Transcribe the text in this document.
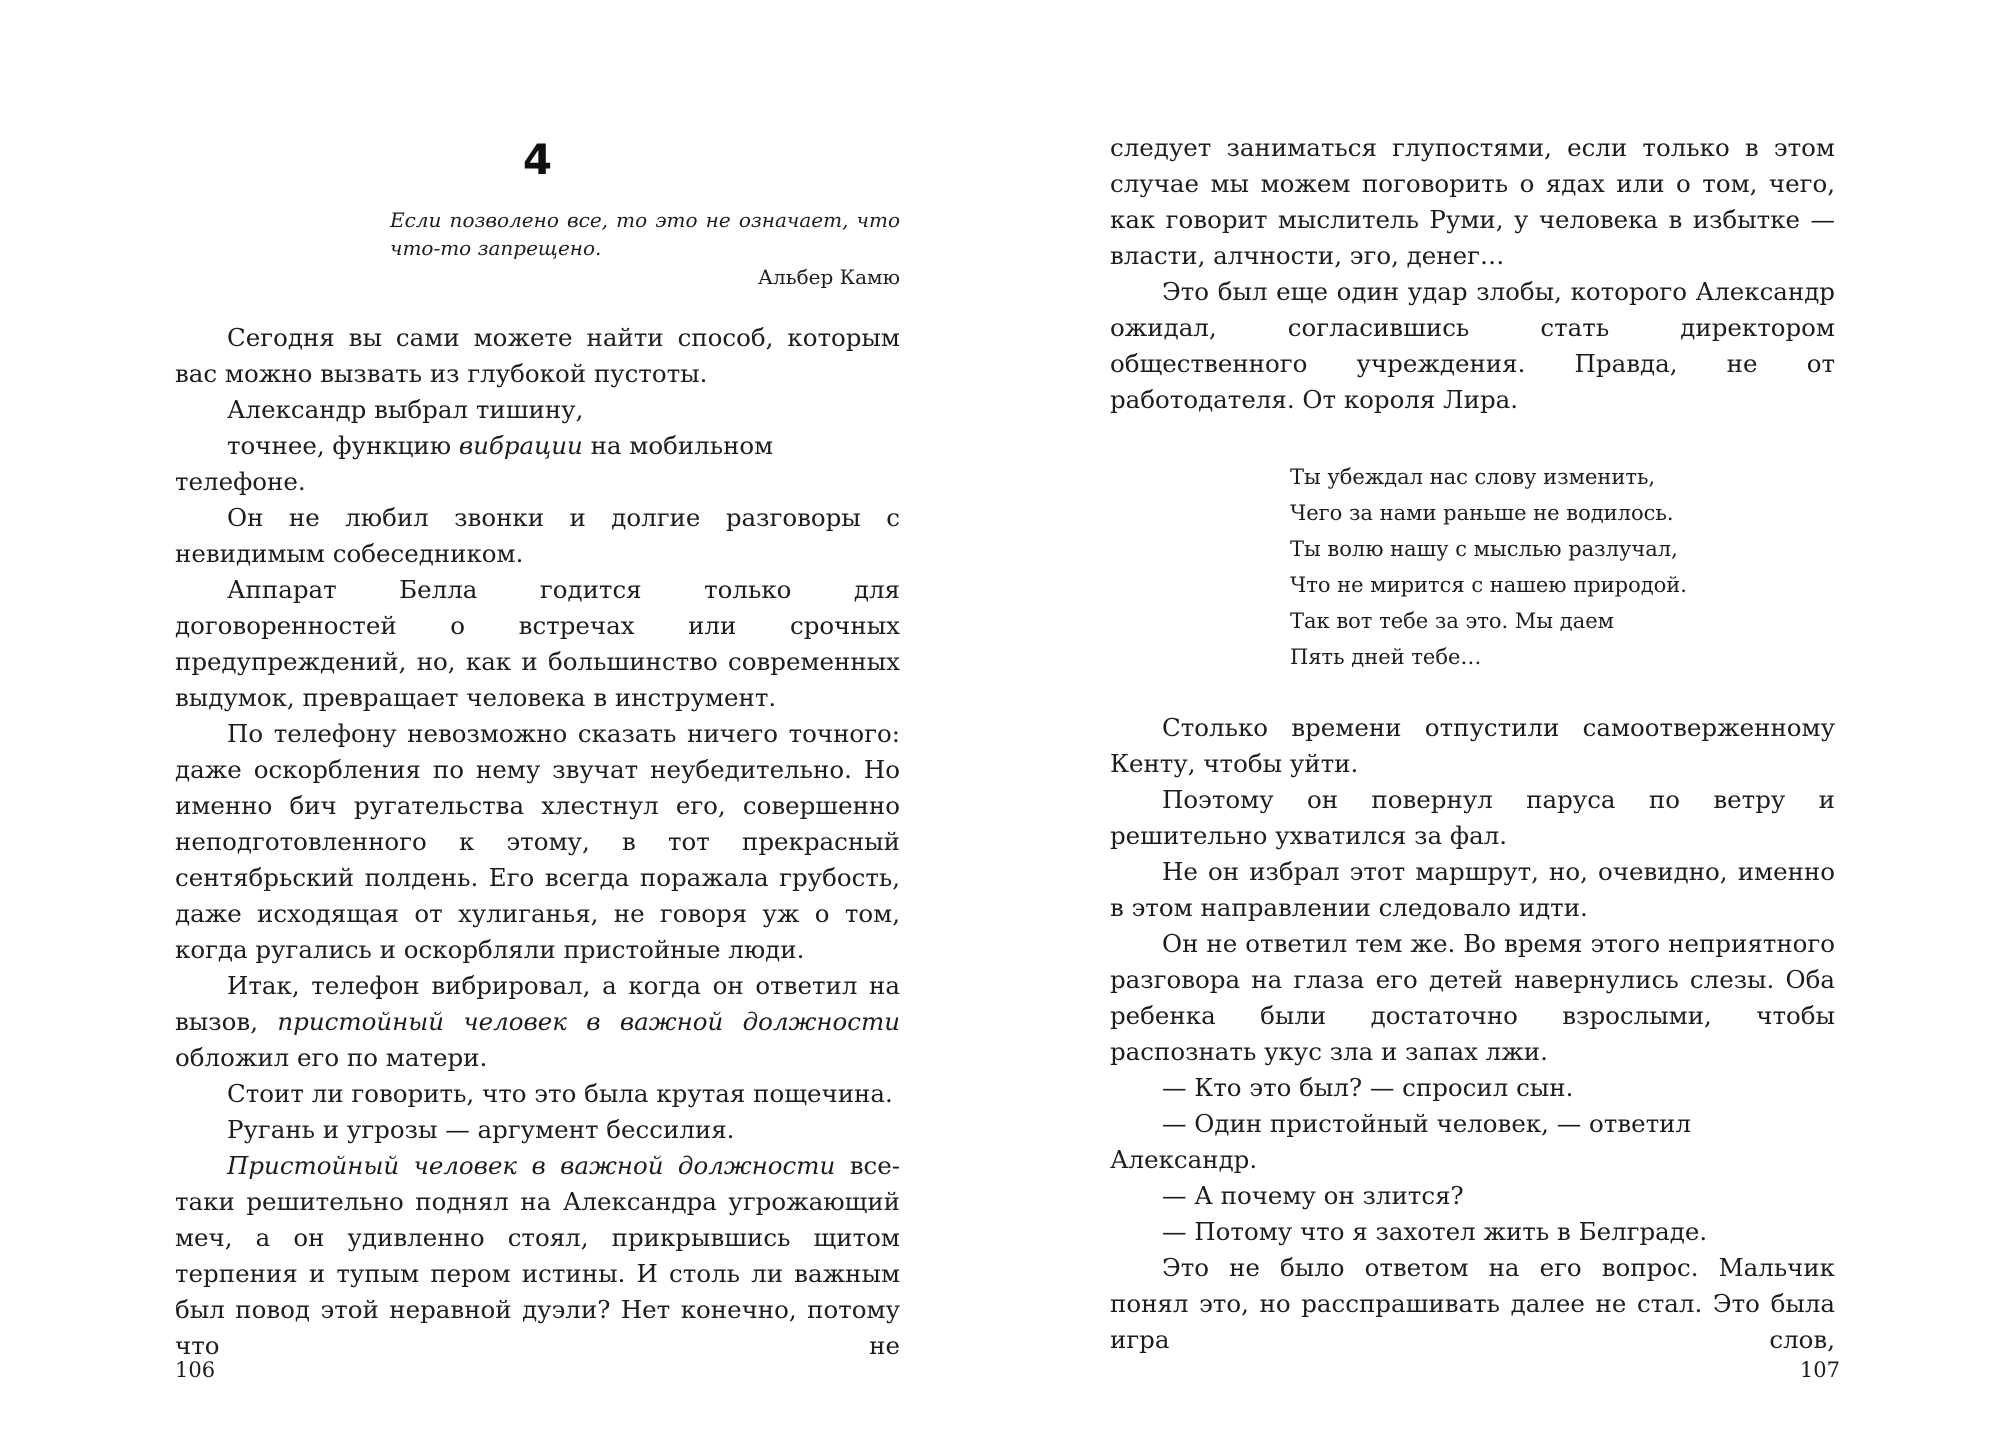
4
Если позволено все, то это не означает, что что-то запрещено.
Альбер Камю

Сегодня вы сами можете найти способ, которым вас можно вызвать из глубокой пустоты.

Александр выбрал тишину,

точнее, функцию вибрации на мобильном телефоне.

Он не любил звонки и долгие разговоры с невидимым собеседником.

Аппарат Белла годится только для договоренностей о встречах или срочных предупреждений, но, как и большинство современных выдумок, превращает человека в инструмент.

По телефону невозможно сказать ничего точного: даже оскорбления по нему звучат неубедительно. Но именно бич ругательства хлестнул его, совершенно неподготовленного к этому, в тот прекрасный сентябрьский полдень. Его всегда поражала грубость, даже исходящая от хулиганья, не говоря уж о том, когда ругались и оскорбляли пристойные люди.

Итак, телефон вибрировал, а когда он ответил на вызов, пристойный человек в важной должности обложил его по матери.

Стоит ли говорить, что это была крутая пощечина.

Ругань и угрозы — аргумент бессилия.

Пристойный человек в важной должности все-таки решительно поднял на Александра угрожающий меч, а он удивленно стоял, прикрывшись щитом терпения и тупым пером истины. И столь ли важным был повод этой неравной дуэли? Нет конечно, потому что не

106

следует заниматься глупостями, если только в этом случае мы можем поговорить о ядах или о том, чего, как говорит мыслитель Руми, у человека в избытке — власти, алчности, эго, денег…

Это был еще один удар злобы, которого Александр ожидал, согласившись стать директором общественного учреждения. Правда, не от работодателя. От короля Лира.

Ты убеждал нас слову изменить,
Чего за нами раньше не водилось.
Ты волю нашу с мыслью разлучал,
Что не мирится с нашею природой.
Так вот тебе за это. Мы даем
Пять дней тебе…

Столько времени отпустили самоотверженному Кенту, чтобы уйти.

Поэтому он повернул паруса по ветру и решительно ухватился за фал.

Не он избрал этот маршрут, но, очевидно, именно в этом направлении следовало идти.

Он не ответил тем же. Во время этого неприятного разговора на глаза его детей навернулись слезы. Оба ребенка были достаточно взрослыми, чтобы распознать укус зла и запах лжи.

— Кто это был? — спросил сын.

— Один пристойный человек, — ответил Александр.

— А почему он злится?

— Потому что я захотел жить в Белграде.

Это не было ответом на его вопрос. Мальчик понял это, но расспрашивать далее не стал. Это была игра слов,

107
